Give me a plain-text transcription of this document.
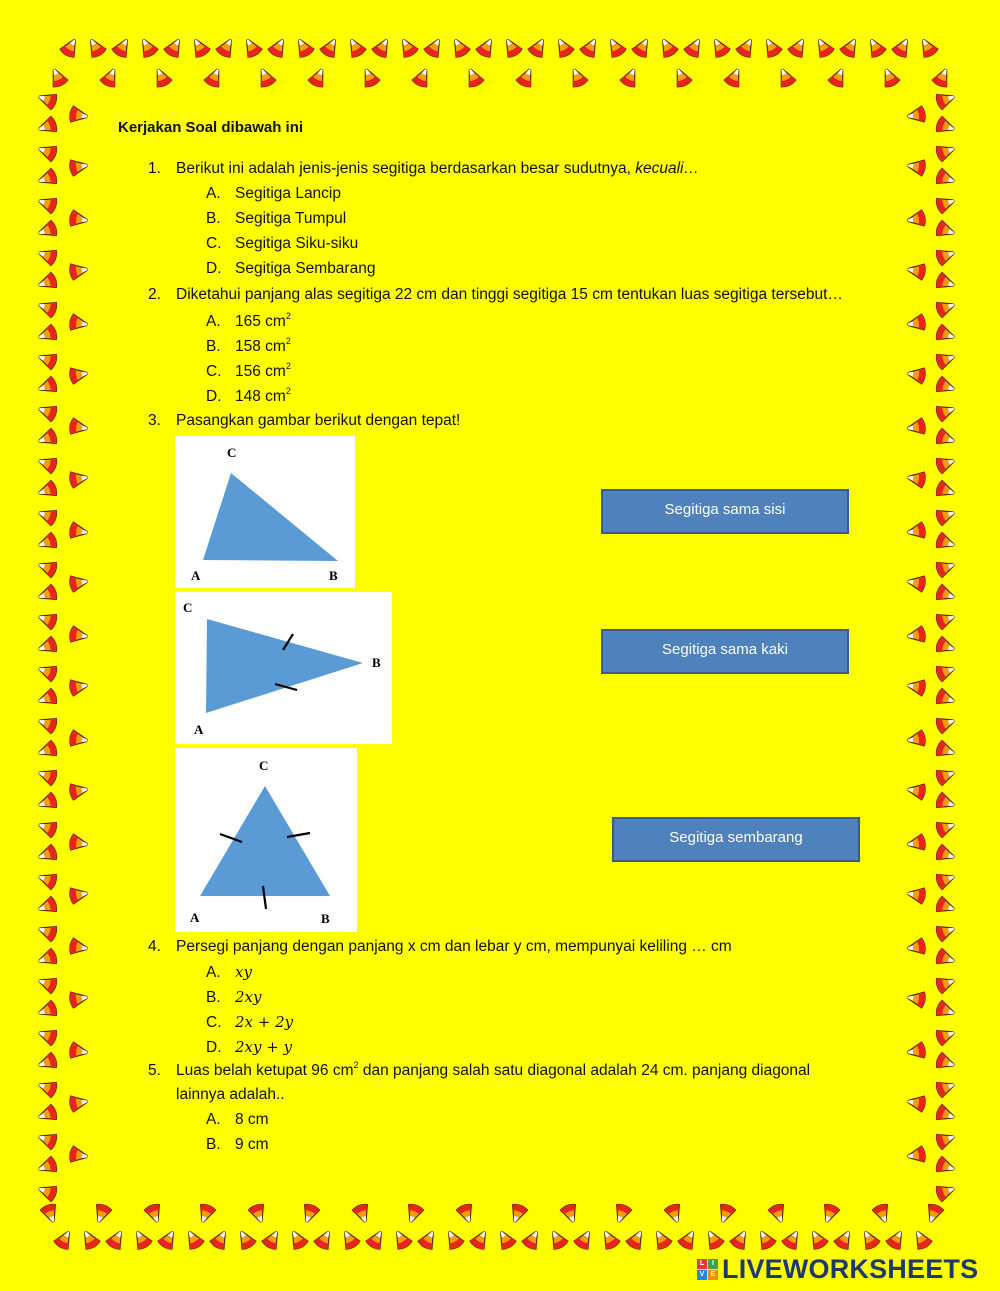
Kerjakan Soal dibawah ini
1. Berikut ini adalah jenis-jenis segitiga berdasarkan besar sudutnya, kecuali…
A. Segitiga Lancip
B. Segitiga Tumpul
C. Segitiga Siku-siku
D. Segitiga Sembarang
2. Diketahui panjang alas segitiga 22 cm dan tinggi segitiga 15 cm tentukan luas segitiga tersebut…
A. 165 $cm^2$
B. 158 $cm^2$
C. 156 $cm^2$
D. 148 $cm^2$
3. Pasangkan gambar berikut dengan tepat!
C
A	B
C
B
A
C
A	B
Segitiga sama sisi
Segitiga sama kaki
Segitiga sembarang
4. Persegi panjang dengan panjang x cm dan lebar y cm, mempunyai keliling … cm
A. xy
B. 2xy
C. 2x + 2y
D. 2xy + y
5. Luas belah ketupat 96 $cm^2$ dan panjang salah satu diagonal adalah 24 cm. panjang diagonal
lainnya adalah..
A. 8 cm
B. 9 cm
L	I
V E LIVEWORKSHEETS
